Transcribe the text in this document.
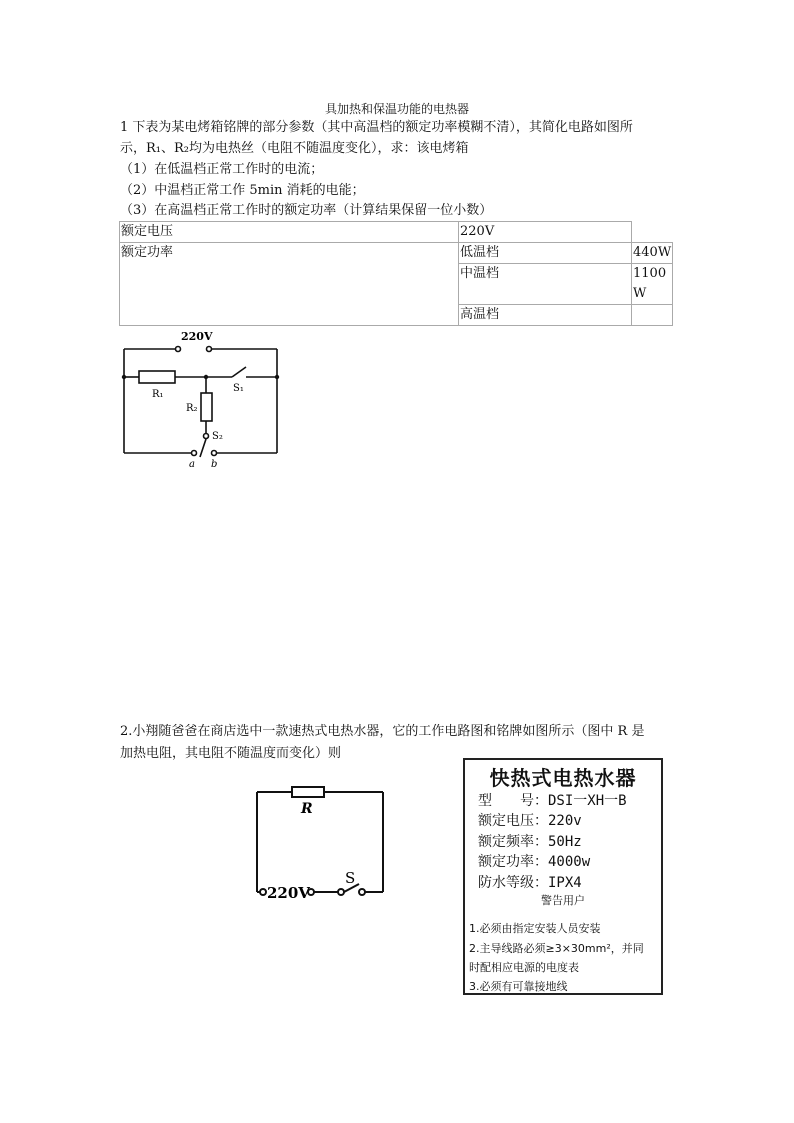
具加热和保温功能的电热器
1 下表为某电烤箱铭牌的部分参数（其中高温档的额定功率模糊不清），其简化电路如图所
示，R₁、R₂均为电热丝（电阻不随温度变化），求：该电烤箱
（1）在低温档正常工作时的电流；
（2）中温档正常工作 5min 消耗的电能；
（3）在高温档正常工作时的额定功率（计算结果保留一位小数）
额定电压	220V	
额定功率	低温档	440W
	中温档	1100
W
	高温档	
220V
R₁
R₂
S₁
S₂
a b
2.小翔随爸爸在商店选中一款速热式电热水器，它的工作电路图和铭牌如图所示（图中 R 是
加热电阻，其电阻不随温度而变化）则
R
220V
S
快热式电热水器
型　　号：DSI一XH一B
额定电压：220v
额定频率：50Hz
额定功率：4000w
防水等级：IPX4
警告用户
1.必须由指定安装人员安装
2.主导线路必须≥3×30mm²，并同
时配相应电源的电度表
3.必须有可靠接地线
